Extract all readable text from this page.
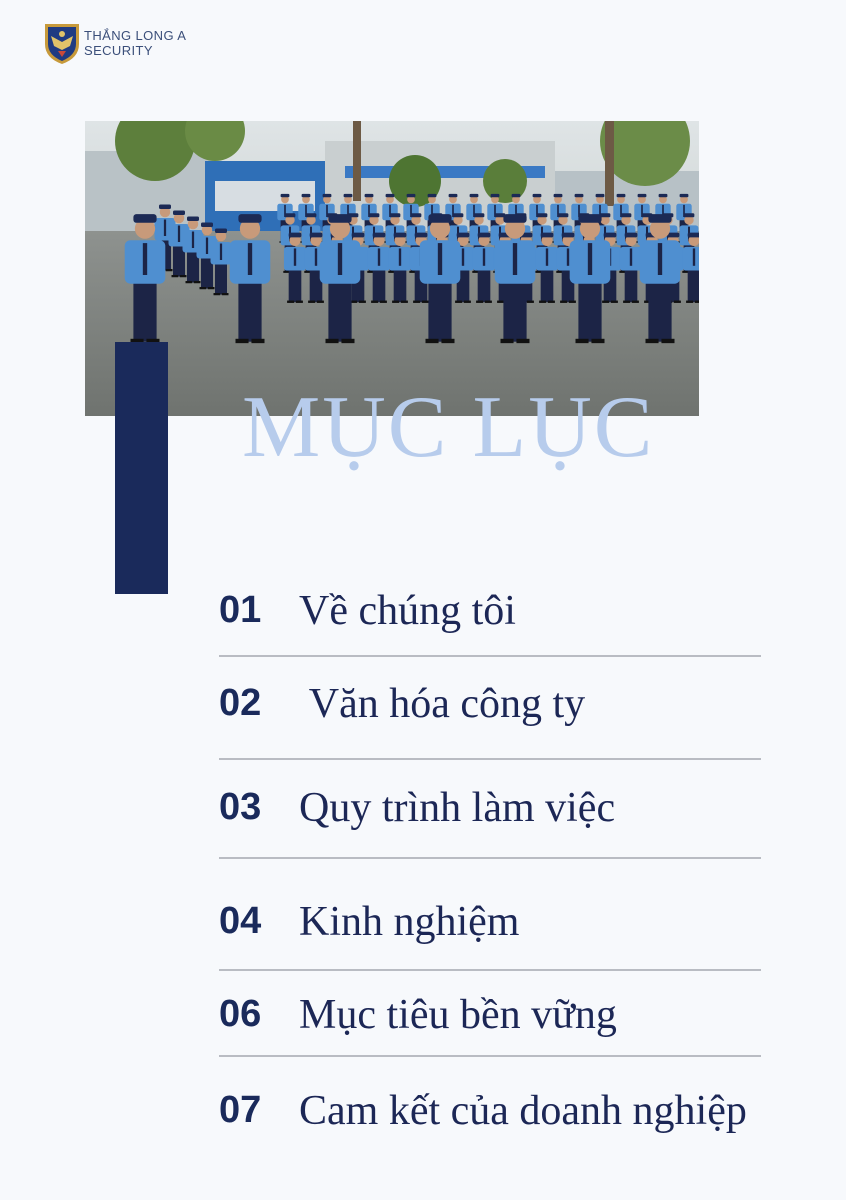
THẮNG LONG A
SECURITY
MỤC LỤC
01 Về chúng tôi
02 Văn hóa công ty
03 Quy trình làm việc
04 Kinh nghiệm
06 Mục tiêu bền vững
07 Cam kết của doanh nghiệp
